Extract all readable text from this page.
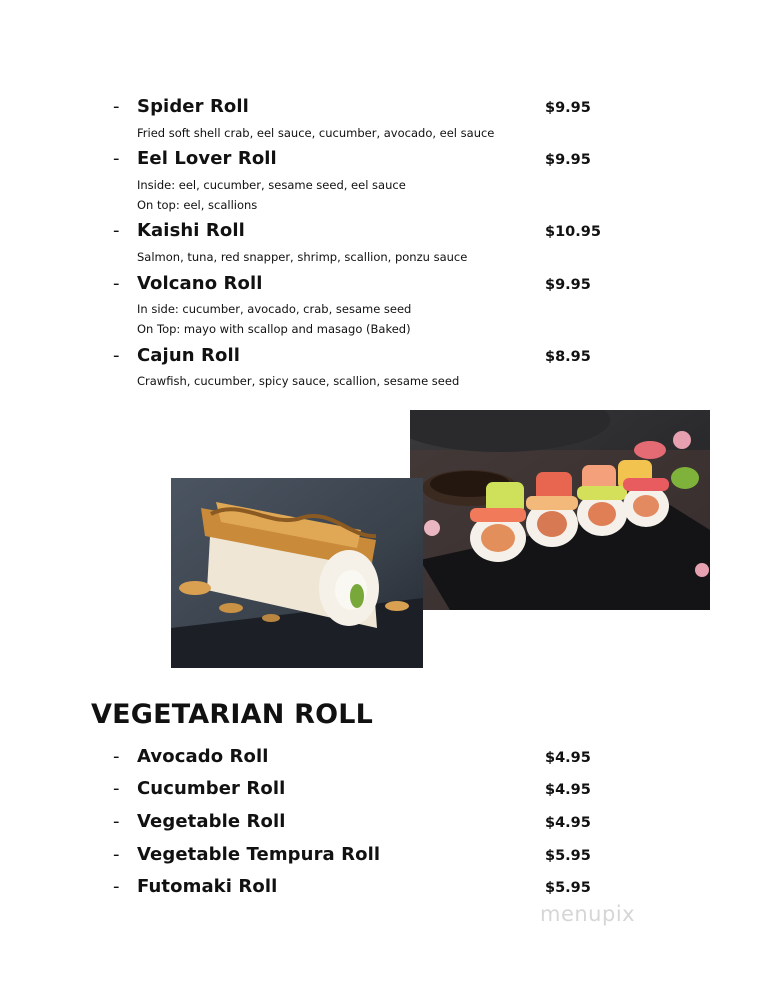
- Spider Roll	$9.95
Fried soft shell crab, eel sauce, cucumber, avocado, eel sauce
- Eel Lover Roll	$9.95
Inside: eel, cucumber, sesame seed, eel sauce
On top: eel, scallions
- Kaishi Roll	$10.95
Salmon, tuna, red snapper, shrimp, scallion, ponzu sauce
- Volcano Roll	$9.95
In side: cucumber, avocado, crab, sesame seed
On Top: mayo with scallop and masago (Baked)
- Cajun Roll	$8.95
Crawfish, cucumber, spicy sauce, scallion, sesame seed
VEGETARIAN ROLL
- Avocado Roll	$4.95
- Cucumber Roll	$4.95
- Vegetable Roll	$4.95
- Vegetable Tempura Roll	$5.95
- Futomaki Roll	$5.95
menupix
